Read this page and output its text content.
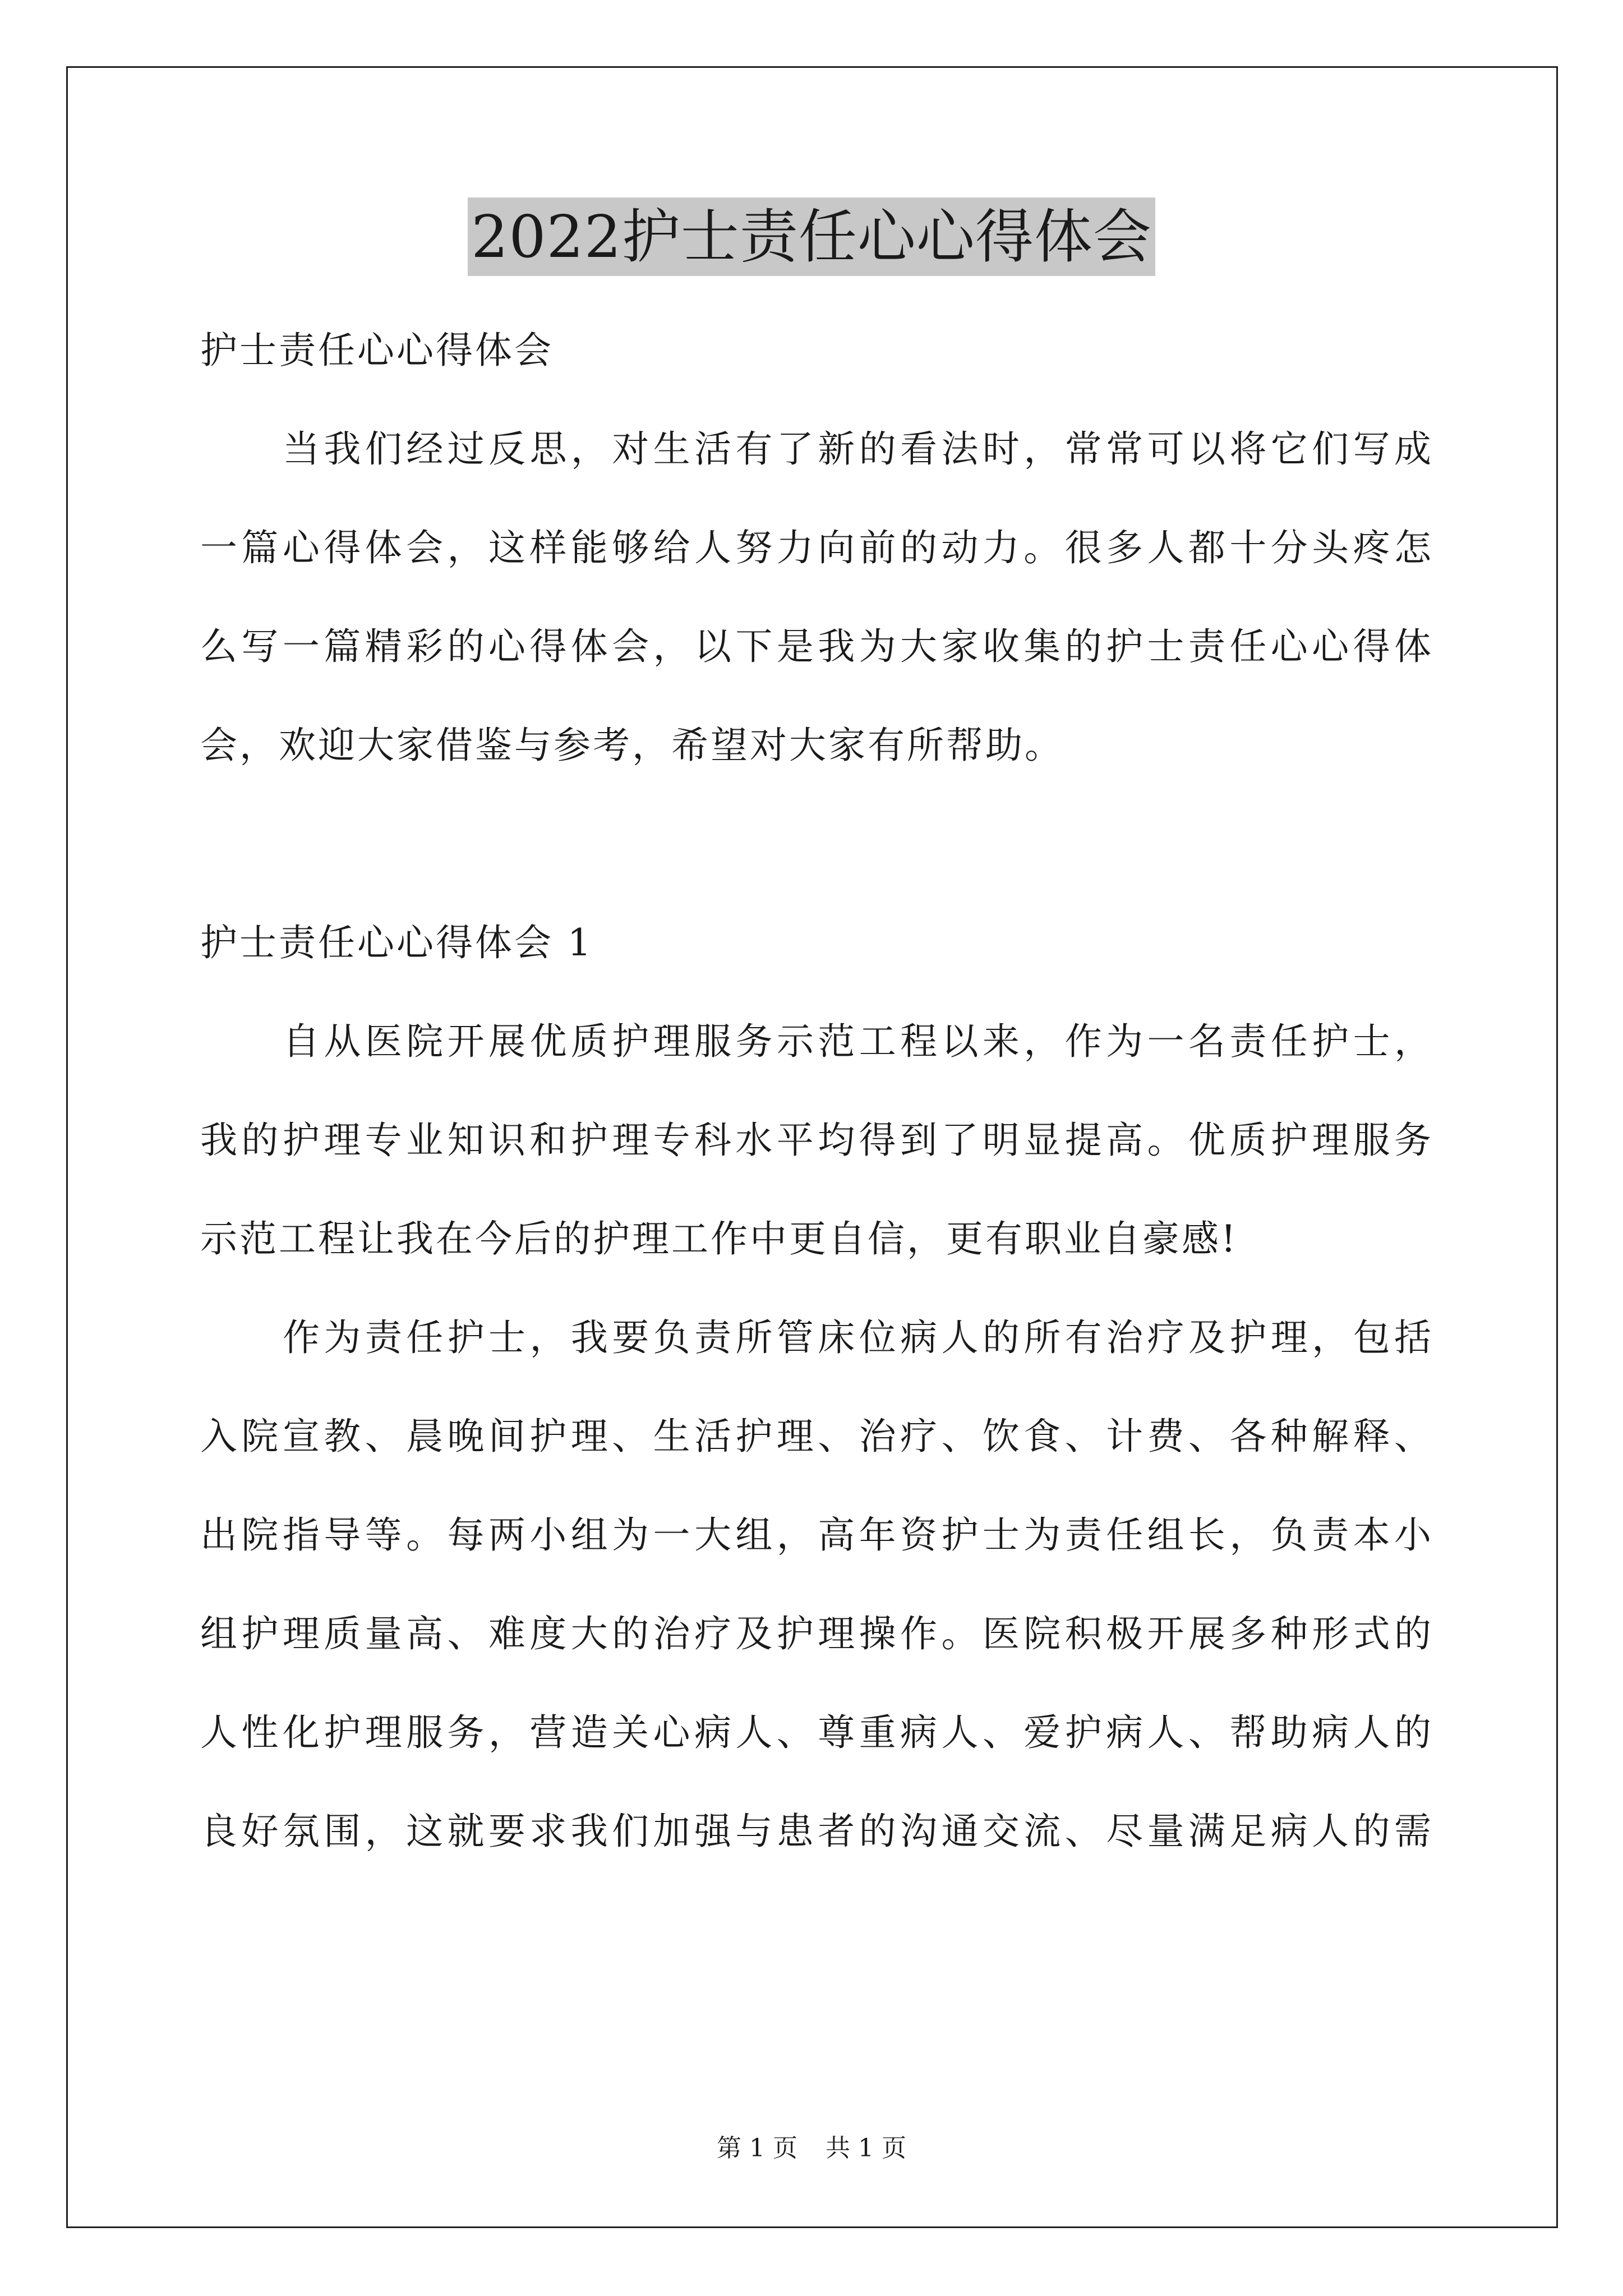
2022护士责任心心得体会
护士责任心心得体会
当我们经过反思，对生活有了新的看法时，常常可以将它们写成
一篇心得体会，这样能够给人努力向前的动力。很多人都十分头疼怎
么写一篇精彩的心得体会，以下是我为大家收集的护士责任心心得体
会，欢迎大家借鉴与参考，希望对大家有所帮助。
护士责任心心得体会 1
自从医院开展优质护理服务示范工程以来，作为一名责任护士，
我的护理专业知识和护理专科水平均得到了明显提高。优质护理服务
示范工程让我在今后的护理工作中更自信，更有职业自豪感!
作为责任护士，我要负责所管床位病人的所有治疗及护理，包括
入院宣教、晨晚间护理、生活护理、治疗、饮食、计费、各种解释、
出院指导等。每两小组为一大组，高年资护士为责任组长，负责本小
组护理质量高、难度大的治疗及护理操作。医院积极开展多种形式的
人性化护理服务，营造关心病人、尊重病人、爱护病人、帮助病人的
良好氛围，这就要求我们加强与患者的沟通交流、尽量满足病人的需
第 1 页 共 1 页
